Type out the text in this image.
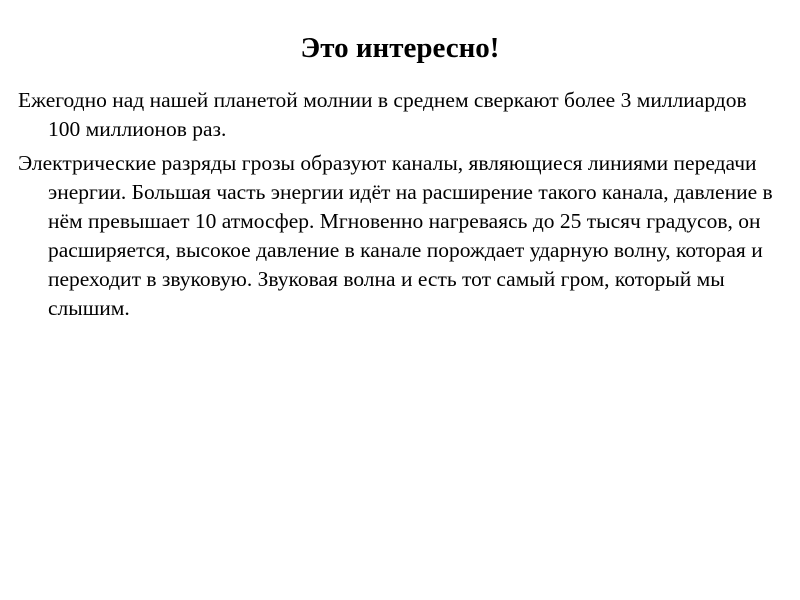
Это интересно!

Ежегодно над нашей планетой молнии в среднем сверкают более 3 миллиардов 100 миллионов раз.

Электрические разряды грозы образуют каналы, являющиеся линиями передачи энергии. Большая часть энергии идёт на расширение такого канала, давление в нём превышает 10 атмосфер. Мгновенно нагреваясь до 25 тысяч градусов, он расширяется, высокое давление в канале порождает ударную волну, которая и переходит в звуковую. Звуковая волна и есть тот самый гром, который мы слышим.
